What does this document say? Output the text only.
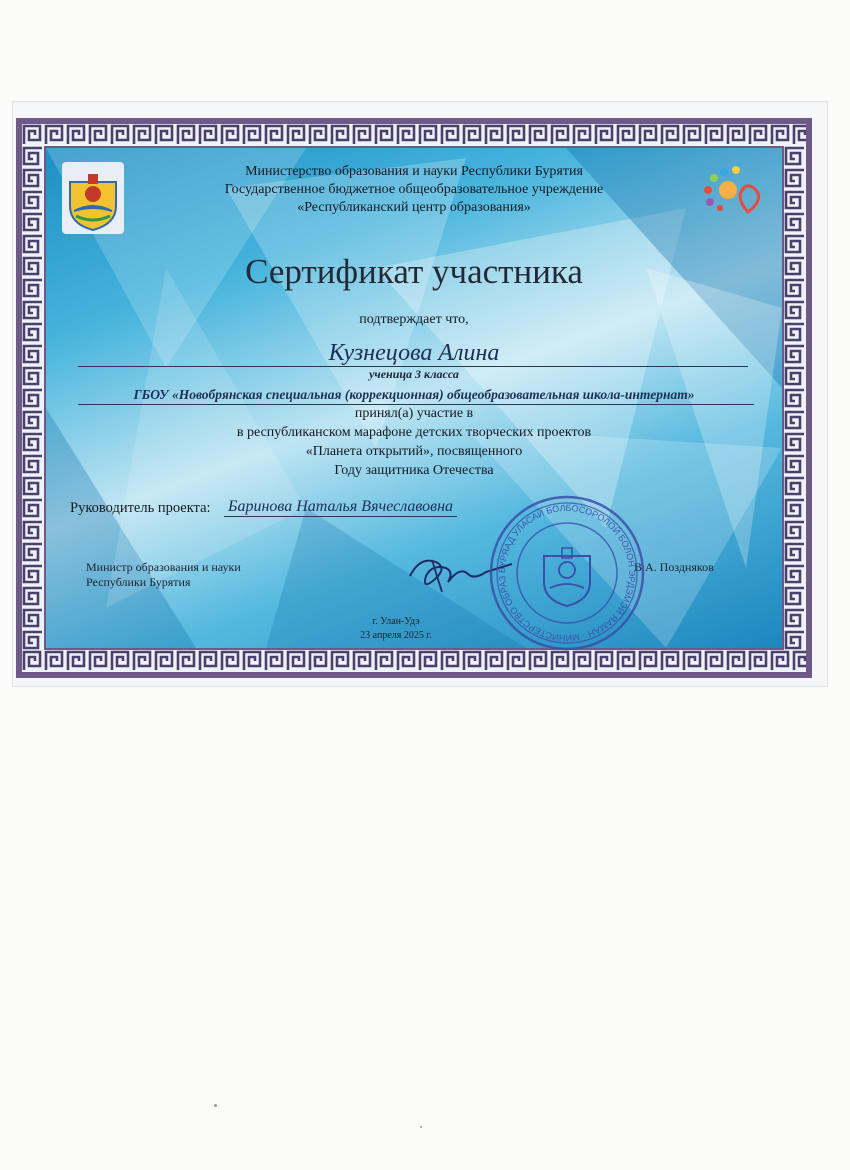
Министерство образования и науки Республики Бурятия
Государственное бюджетное общеобразовательное учреждение
«Республиканский центр образования»
Сертификат участника
подтверждает что,
Кузнецова Алина
ученица 3 класса
ГБОУ «Новобрянская специальная (коррекционная) общеобразовательная школа-интернат»
принял(а) участие в
в республиканском марафоне детских творческих проектов
«Планета открытий», посвященного
Году защитника Отечества
Руководитель проекта: Баринова Наталья Вячеславовна
Министр образования и науки
Республики Бурятия
В.А. Поздняков
г. Улан-Удэ
23 апреля 2025 г.
БУРЯАД УЛАСАЙ БОЛБОСОРОЛОЙ БОЛОН ЭРДЭМЭЙ ЯАМАН · МИНИСТЕРСТВО ОБРАЗ
